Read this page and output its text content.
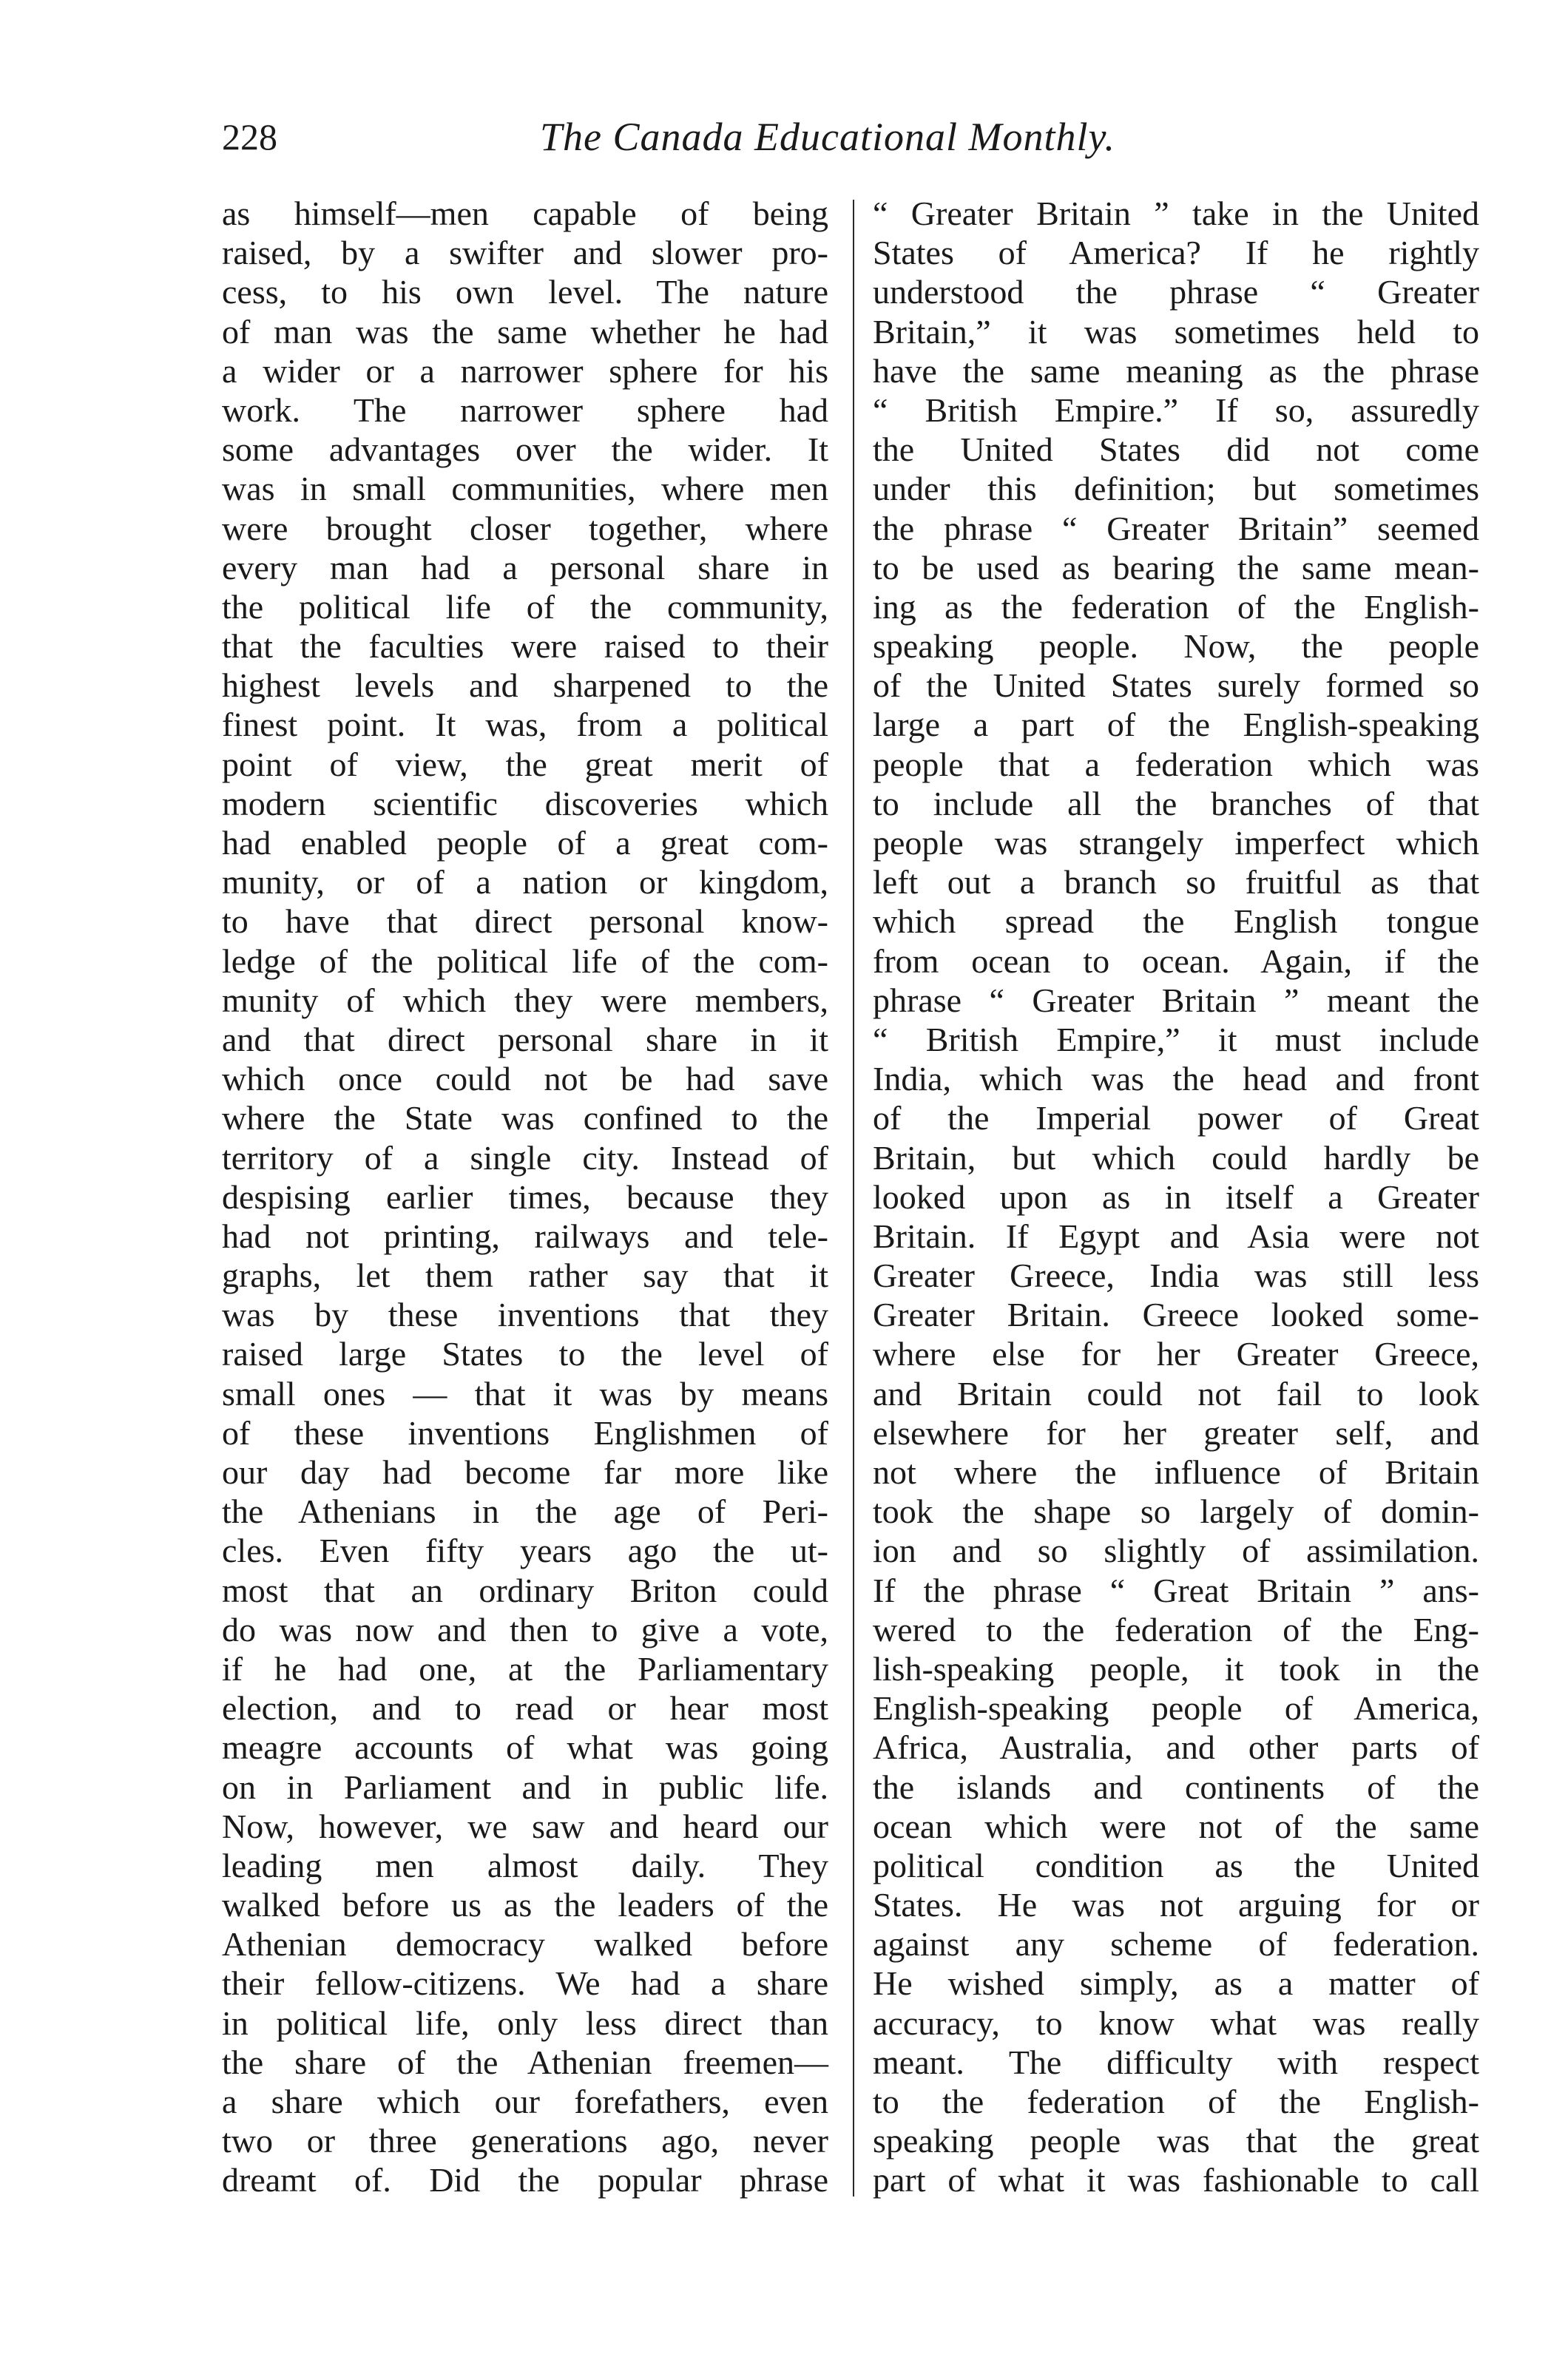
228	The Canada Educational Monthly.
as himself—men capable of being
raised, by a swifter and slower pro-
cess, to his own level. The nature
of man was the same whether he had
a wider or a narrower sphere for his
work. The narrower sphere had
some advantages over the wider. It
was in small communities, where men
were brought closer together, where
every man had a personal share in
the political life of the community,
that the faculties were raised to their
highest levels and sharpened to the
finest point. It was, from a political
point of view, the great merit of
modern scientific discoveries which
had enabled people of a great com-
munity, or of a nation or kingdom,
to have that direct personal know-
ledge of the political life of the com-
munity of which they were members,
and that direct personal share in it
which once could not be had save
where the State was confined to the
territory of a single city. Instead of
despising earlier times, because they
had not printing, railways and tele-
graphs, let them rather say that it
was by these inventions that they
raised large States to the level of
small ones — that it was by means
of these inventions Englishmen of
our day had become far more like
the Athenians in the age of Peri-
cles. Even fifty years ago the ut-
most that an ordinary Briton could
do was now and then to give a vote,
if he had one, at the Parliamentary
election, and to read or hear most
meagre accounts of what was going
on in Parliament and in public life.
Now, however, we saw and heard our
leading men almost daily. They
walked before us as the leaders of the
Athenian democracy walked before
their fellow-citizens. We had a share
in political life, only less direct than
the share of the Athenian freemen—
a share which our forefathers, even
two or three generations ago, never
dreamt of. Did the popular phrase
“ Greater Britain ” take in the United
States of America? If he rightly
understood the phrase “ Greater
Britain,” it was sometimes held to
have the same meaning as the phrase
“ British Empire.” If so, assuredly
the United States did not come
under this definition; but sometimes
the phrase “ Greater Britain” seemed
to be used as bearing the same mean-
ing as the federation of the English-
speaking people. Now, the people
of the United States surely formed so
large a part of the English-speaking
people that a federation which was
to include all the branches of that
people was strangely imperfect which
left out a branch so fruitful as that
which spread the English tongue
from ocean to ocean. Again, if the
phrase “ Greater Britain ” meant the
“ British Empire,” it must include
India, which was the head and front
of the Imperial power of Great
Britain, but which could hardly be
looked upon as in itself a Greater
Britain. If Egypt and Asia were not
Greater Greece, India was still less
Greater Britain. Greece looked some-
where else for her Greater Greece,
and Britain could not fail to look
elsewhere for her greater self, and
not where the influence of Britain
took the shape so largely of domin-
ion and so slightly of assimilation.
If the phrase “ Great Britain ” ans-
wered to the federation of the Eng-
lish-speaking people, it took in the
English-speaking people of America,
Africa, Australia, and other parts of
the islands and continents of the
ocean which were not of the same
political condition as the United
States. He was not arguing for or
against any scheme of federation.
He wished simply, as a matter of
accuracy, to know what was really
meant. The difficulty with respect
to the federation of the English-
speaking people was that the great
part of what it was fashionable to call
